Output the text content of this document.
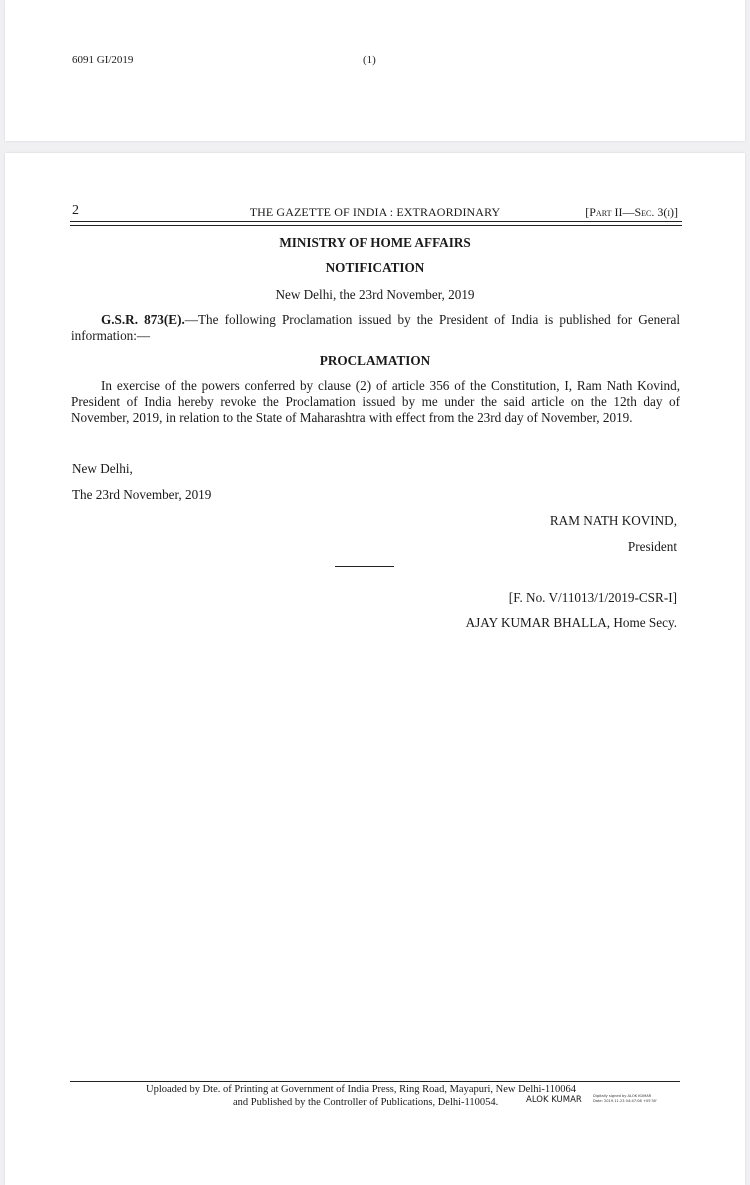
6091 GI/2019	(1)
2	THE GAZETTE OF INDIA : EXTRAORDINARY	[Part II—Sec. 3(i)]
MINISTRY OF HOME AFFAIRS
NOTIFICATION
New Delhi, the 23rd November, 2019
G.S.R. 873(E).—The following Proclamation issued by the President of India is published for General information:—
PROCLAMATION
In exercise of the powers conferred by clause (2) of article 356 of the Constitution, I, Ram Nath Kovind, President of India hereby revoke the Proclamation issued by me under the said article on the 12th day of November, 2019, in relation to the State of Maharashtra with effect from the 23rd day of November, 2019.
New Delhi,
The 23rd November, 2019
RAM NATH KOVIND,
President
[F. No. V/11013/1/2019-CSR-I]
AJAY KUMAR BHALLA, Home Secy.
Uploaded by Dte. of Printing at Government of India Press, Ring Road, Mayapuri, New Delhi-110064
and Published by the Controller of Publications, Delhi-110054.	ALOK KUMAR	Digitally signed by ALOK KUMAR
Date: 2019.11.23 04:47:08 +05'30'
